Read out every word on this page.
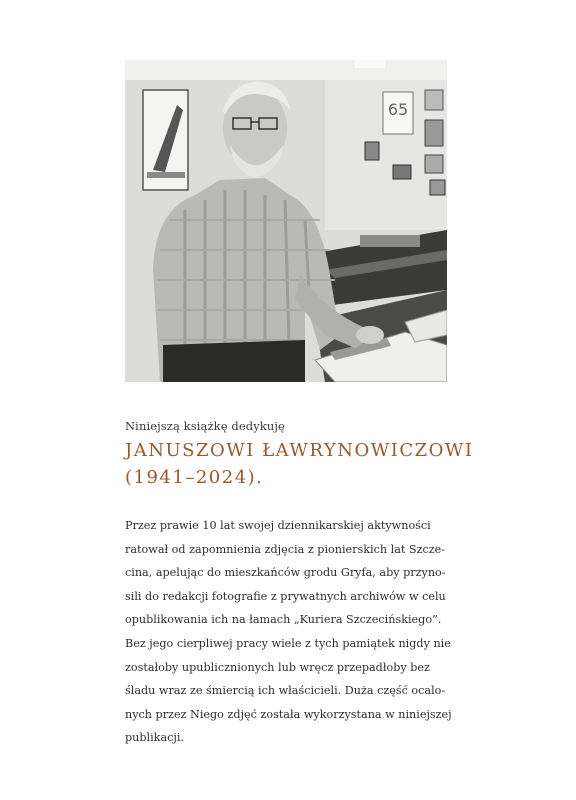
65
Niniejszą książkę dedykuję
JANUSZOWI ŁAWRYNOWICZOWI
(1941–2024).
Przez prawie 10 lat swojej dziennikarskiej aktywności
ratował od zapomnienia zdjęcia z pionierskich lat Szcze-
cina, apelując do mieszkańców grodu Gryfa, aby przyno-
sili do redakcji fotografie z prywatnych archiwów w celu
opublikowania ich na łamach „Kuriera Szczecińskiego”.
Bez jego cierpliwej pracy wiele z tych pamiątek nigdy nie
zostałoby upublicznionych lub wręcz przepadłoby bez
śladu wraz ze śmiercią ich właścicieli. Duża część ocalo-
nych przez Niego zdjęć została wykorzystana w niniejszej
publikacji.
